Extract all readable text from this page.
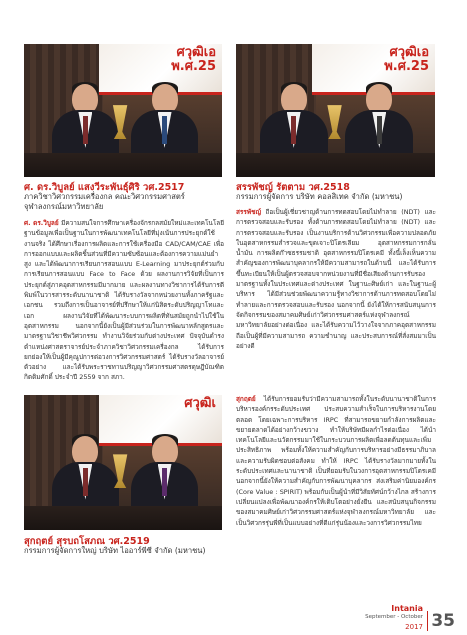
ศวุฒิเอ
พ.ศ.25
ศวุฒิเอ
พ.ศ.25
ศวุฒิเ
ศ. ดร.วิบูลย์ แสงวีระพันธุ์ศิริ วศ.2517
ภาควิชาวิศวกรรมเครื่องกล คณะวิศวกรรมศาสตร์
จุฬาลงกรณ์มหาวิทยาลัย
ศ. ดร.วิบูลย์ มีความสนใจการศึกษาเครื่องจักรกลสมัยใหม่และเทคโนโลยีฐานข้อมูลเพื่อเป็นฐานในการพัฒนาเทคโนโลยีที่มุ่งเน้นการประยุกต์ใช้งานจริง ได้ศึกษาเรื่องการผลิตและการใช้เครื่องมือ CAD/CAM/CAE เพื่อการออกแบบและผลิตชิ้นส่วนที่มีความซับซ้อนและต้องการความแม่นยำสูง และได้พัฒนาการเรียนการสอนแบบ E-Learning มาประยุกต์ร่วมกับการเรียนการสอนแบบ Face to Face ด้วย ผลงานการวิจัยที่เป็นการประยุกต์สู่ภาคอุตสาหกรรมมีมากมาย และผลงานทางวิชาการได้รับการตีพิมพ์ในวารสารระดับนานาชาติ ได้รับรางวัลจากหน่วยงานทั้งภาครัฐและเอกชน รวมถึงการเป็นอาจารย์ที่ปรึกษาให้แก่นิสิตระดับปริญญาโทและเอก ผลงานวิจัยที่ได้พัฒนาระบบการผลิตที่ทันสมัยถูกนำไปใช้ในอุตสาหกรรม นอกจากนี้ยังเป็นผู้มีส่วนร่วมในการพัฒนาหลักสูตรและมาตรฐานวิชาชีพวิศวกรรม ทำงานวิจัยร่วมกับต่างประเทศ ปัจจุบันดำรงตำแหน่งศาสตราจารย์ประจำภาควิชาวิศวกรรมเครื่องกล ได้รับการยกย่องให้เป็นผู้มีคุณูปการต่อวงการวิศวกรรมศาสตร์ ได้รับรางวัลอาจารย์ตัวอย่าง และได้รับพระราชทานปริญญาวิศวกรรมศาสตรดุษฎีบัณฑิตกิตติมศักดิ์ ประจำปี 2559 จาก สภา.
สรรพัชญ์ รัตตาม วศ.2518
กรรมการผู้จัดการ บริษัท คอลสิเทค จำกัด (มหาชน)
สรรพัชญ์ ถือเป็นผู้เชี่ยวชาญด้านการทดสอบโดยไม่ทำลาย (NDT) และการตรวจสอบและรับรอง ทั้งด้านการทดสอบโดยไม่ทำลาย (NDT) และการตรวจสอบและรับรอง เป็นงานบริการด้านวิศวกรรมเพื่อความปลอดภัยในอุตสาหกรรมสำรวจและขุดเจาะปิโตรเลียม อุตสาหกรรมการกลั่นน้ำมัน การผลิตก๊าซธรรมชาติ อุตสาหกรรมปิโตรเคมี ทั้งนี้เล็งเห็นความสำคัญของการพัฒนาบุคลากรให้มีความสามารถในด้านนี้ และได้รับการขึ้นทะเบียนให้เป็นผู้ตรวจสอบจากหน่วยงานที่มีชื่อเสียงด้านการรับรองมาตรฐานทั้งในประเทศและต่างประเทศ ในฐานะศิษย์เก่า และในฐานะผู้บริหาร ได้มีส่วนช่วยพัฒนาความรู้ทางวิชาการด้านการทดสอบโดยไม่ทำลายและการตรวจสอบและรับรอง นอกจากนี้ ยังได้ให้การสนับสนุนการจัดกิจกรรมของสมาคมศิษย์เก่าวิศวกรรมศาสตร์แห่งจุฬาลงกรณ์มหาวิทยาลัยอย่างต่อเนื่อง และได้รับความไว้วางใจจากภาคอุตสาหกรรม ถือเป็นผู้ที่มีความสามารถ ความชำนาญ และประสบการณ์ที่สั่งสมมาเป็นอย่างดี
สุกฤตย์ สุรบถโสภณ วศ.2519
กรรมการผู้จัดการใหญ่ บริษัท ไออาร์พีซี จำกัด (มหาชน)
สุกฤตย์ ได้รับการยอมรับว่ามีความสามารถทั้งในระดับนานาชาติในการบริหารองค์กรระดับประเทศ ประสบความสำเร็จในการบริหารงานโดยตลอด โดยเฉพาะการบริหาร IRPC ที่สามารถขยายกำลังการผลิตและขยายตลาดได้อย่างกว้างขวาง ทำให้บริษัทมีผลกำไรต่อเนื่อง ได้นำเทคโนโลยีและนวัตกรรมมาใช้ในกระบวนการผลิตเพื่อลดต้นทุนและเพิ่มประสิทธิภาพ พร้อมทั้งให้ความสำคัญกับการบริหารอย่างมีธรรมาภิบาลและความรับผิดชอบต่อสังคม ทำให้ IRPC ได้รับรางวัลมากมายทั้งในระดับประเทศและนานาชาติ เป็นที่ยอมรับในวงการอุตสาหกรรมปิโตรเคมี นอกจากนี้ยังให้ความสำคัญกับการพัฒนาบุคลากร ส่งเสริมค่านิยมองค์กร (Core Value : SPIRIT) พร้อมกับเป็นผู้นำที่มีวิสัยทัศน์กว้างไกล สร้างการเปลี่ยนแปลงเพื่อพัฒนาองค์กรให้เติบโตอย่างยั่งยืน และสนับสนุนกิจกรรมของสมาคมศิษย์เก่าวิศวกรรมศาสตร์แห่งจุฬาลงกรณ์มหาวิทยาลัย และเป็นวิศวกรรุ่นพี่ที่เป็นแบบอย่างที่ดีแก่รุ่นน้องและวงการวิศวกรรมไทย
Intania
September - October
2017 35
